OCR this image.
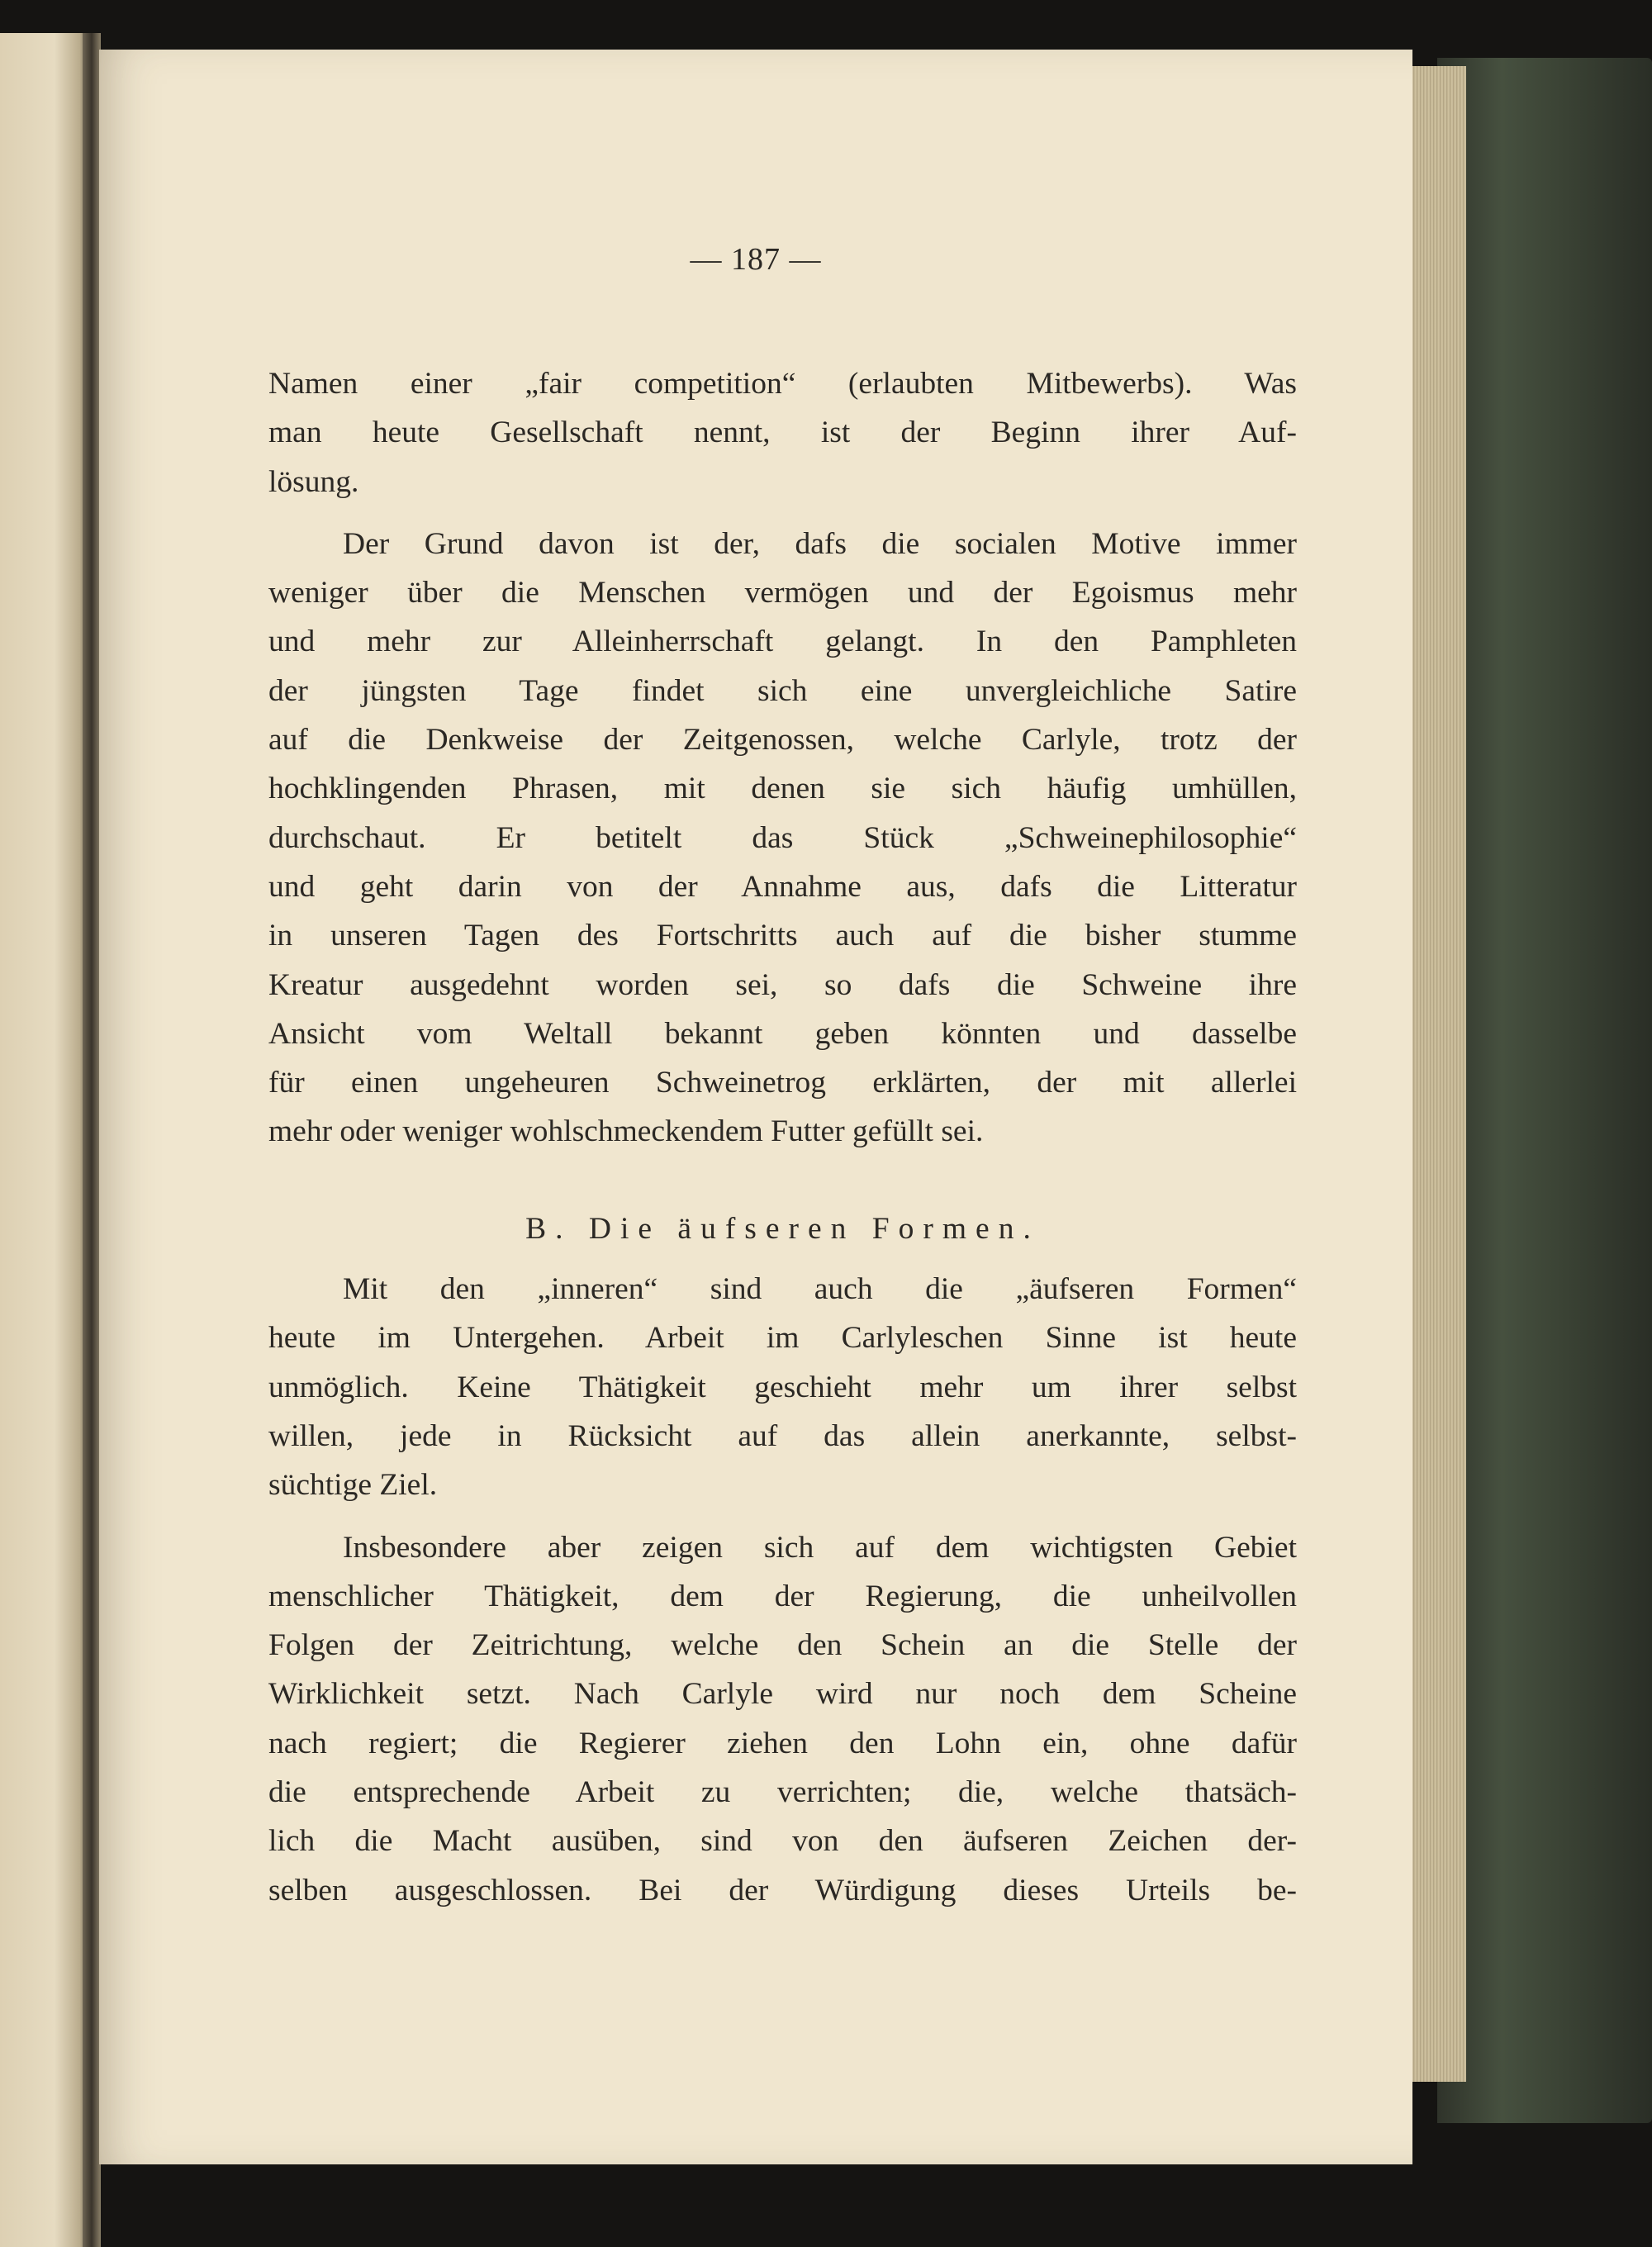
— 187 —
Namen einer „fair competition“ (erlaubten Mitbewerbs). Was
man heute Gesellschaft nennt, ist der Beginn ihrer Auf-
lösung.
Der Grund davon ist der, dafs die socialen Motive immer
weniger über die Menschen vermögen und der Egoismus mehr
und mehr zur Alleinherrschaft gelangt. In den Pamphleten
der jüngsten Tage findet sich eine unvergleichliche Satire
auf die Denkweise der Zeitgenossen, welche Carlyle, trotz der
hochklingenden Phrasen, mit denen sie sich häufig umhüllen,
durchschaut. Er betitelt das Stück „Schweinephilosophie“
und geht darin von der Annahme aus, dafs die Litteratur
in unseren Tagen des Fortschritts auch auf die bisher stumme
Kreatur ausgedehnt worden sei, so dafs die Schweine ihre
Ansicht vom Weltall bekannt geben könnten und dasselbe
für einen ungeheuren Schweinetrog erklärten, der mit allerlei
mehr oder weniger wohlschmeckendem Futter gefüllt sei.
B. Die äufseren Formen.
Mit den „inneren“ sind auch die „äufseren Formen“
heute im Untergehen. Arbeit im Carlyleschen Sinne ist heute
unmöglich. Keine Thätigkeit geschieht mehr um ihrer selbst
willen, jede in Rücksicht auf das allein anerkannte, selbst-
süchtige Ziel.
Insbesondere aber zeigen sich auf dem wichtigsten Gebiet
menschlicher Thätigkeit, dem der Regierung, die unheilvollen
Folgen der Zeitrichtung, welche den Schein an die Stelle der
Wirklichkeit setzt. Nach Carlyle wird nur noch dem Scheine
nach regiert; die Regierer ziehen den Lohn ein, ohne dafür
die entsprechende Arbeit zu verrichten; die, welche thatsäch-
lich die Macht ausüben, sind von den äufseren Zeichen der-
selben ausgeschlossen. Bei der Würdigung dieses Urteils be-
